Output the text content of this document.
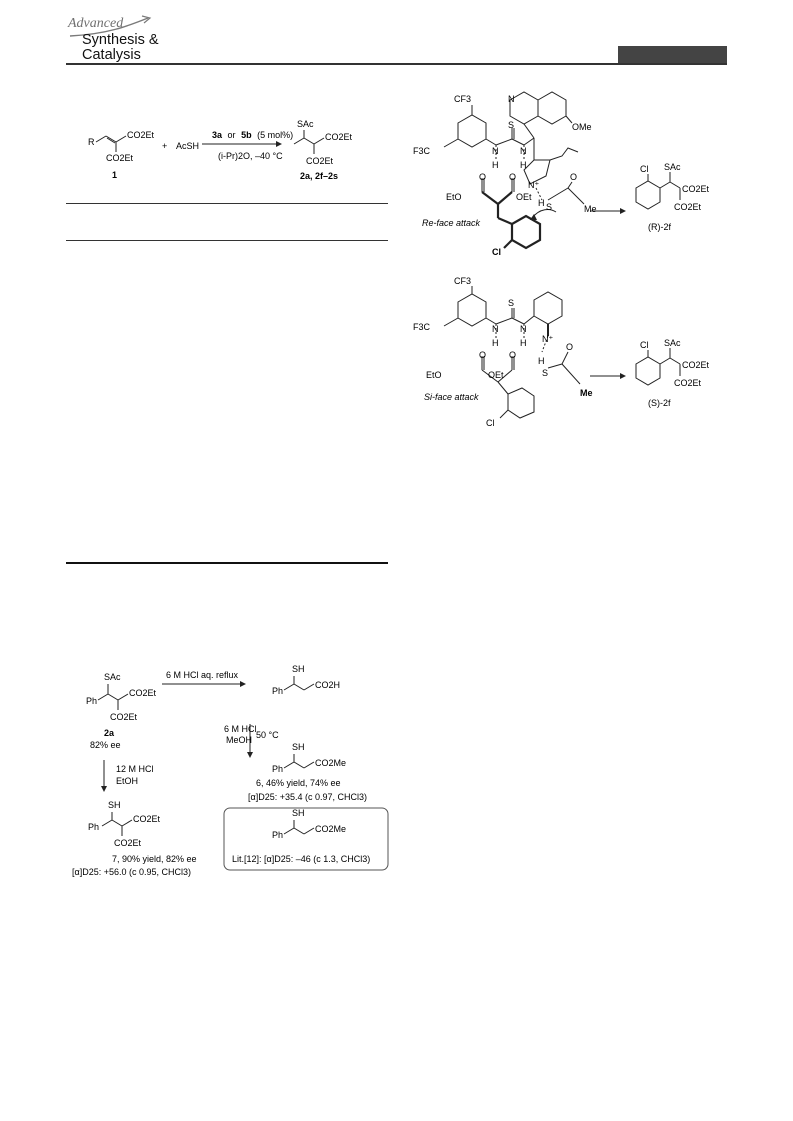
Advanced
Synthesis &
Catalysis
R
CO2Et
CO2Et
1
+ AcSH
3a or 5b (5 mol%)
(i-Pr)2O, –40 °C
SAc
CO2Et
CO2Et
2a, 2f–2s
CF3
F3C
OMe
N
S
N
H
N
H
O	O
N⁺
H S
O
EtO	OEt
Me
Re-face attack
Cl
Cl SAc
CO2Et
CO2Et
(R)-2f
CF3
F3C
S
N
H
N
H
O	O
N⁺
H
S
O
EtO	OEt
Me
Si-face attack
Cl
Cl SAc
CO2Et
CO2Et
(S)-2f
SAc
Ph
CO2Et
CO2Et
2a
82% ee
6 M HCl aq. reflux
SH
Ph
CO2H
6 M HCl
MeOH 50 °C
SH
Ph
CO2Me
6, 46% yield, 74% ee
[α]D25: +35.4 (c 0.97, CHCl3)
12 M HCl
EtOH
SH
Ph
CO2Et
CO2Et
7, 90% yield, 82% ee
[α]D25: +56.0 (c 0.95, CHCl3)
SH
Ph
CO2Me
Lit.[12]: [α]D25: –46 (c 1.3, CHCl3)
